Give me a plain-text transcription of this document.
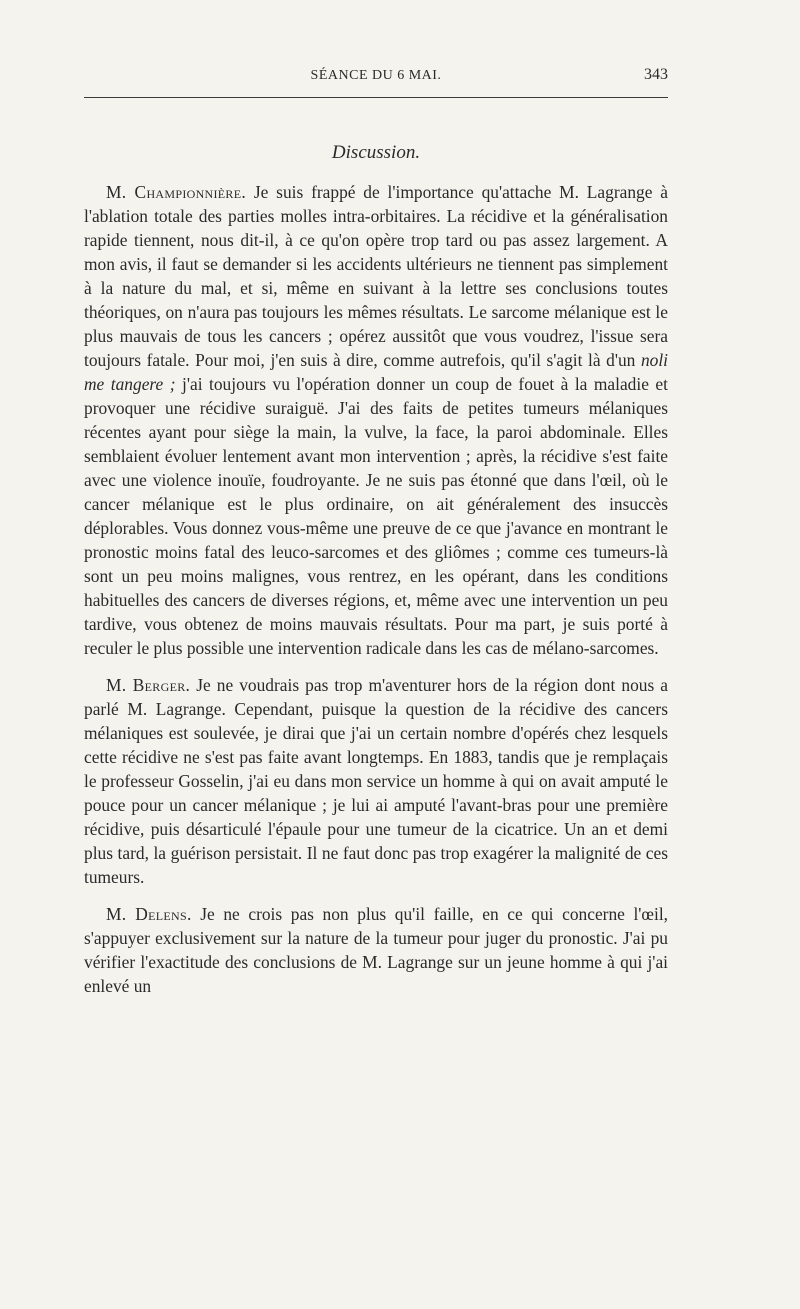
SÉANCE DU 6 MAI.	343
Discussion.

M. Championnière. Je suis frappé de l'importance qu'attache M. Lagrange à l'ablation totale des parties molles intra-orbitaires. La récidive et la généralisation rapide tiennent, nous dit-il, à ce qu'on opère trop tard ou pas assez largement. A mon avis, il faut se demander si les accidents ultérieurs ne tiennent pas simplement à la nature du mal, et si, même en suivant à la lettre ses conclusions toutes théoriques, on n'aura pas toujours les mêmes résultats. Le sarcome mélanique est le plus mauvais de tous les cancers ; opérez aussitôt que vous voudrez, l'issue sera toujours fatale. Pour moi, j'en suis à dire, comme autrefois, qu'il s'agit là d'un noli me tangere ; j'ai toujours vu l'opération donner un coup de fouet à la maladie et provoquer une récidive suraiguë. J'ai des faits de petites tumeurs mélaniques récentes ayant pour siège la main, la vulve, la face, la paroi abdominale. Elles semblaient évoluer lentement avant mon intervention ; après, la récidive s'est faite avec une violence inouïe, foudroyante. Je ne suis pas étonné que dans l'œil, où le cancer mélanique est le plus ordinaire, on ait généralement des insuccès déplorables. Vous donnez vous-même une preuve de ce que j'avance en montrant le pronostic moins fatal des leuco-sarcomes et des gliômes ; comme ces tumeurs-là sont un peu moins malignes, vous rentrez, en les opérant, dans les conditions habituelles des cancers de diverses régions, et, même avec une intervention un peu tardive, vous obtenez de moins mauvais résultats. Pour ma part, je suis porté à reculer le plus possible une intervention radicale dans les cas de mélano-sarcomes.

M. Berger. Je ne voudrais pas trop m'aventurer hors de la région dont nous a parlé M. Lagrange. Cependant, puisque la question de la récidive des cancers mélaniques est soulevée, je dirai que j'ai un certain nombre d'opérés chez lesquels cette récidive ne s'est pas faite avant longtemps. En 1883, tandis que je remplaçais le professeur Gosselin, j'ai eu dans mon service un homme à qui on avait amputé le pouce pour un cancer mélanique ; je lui ai amputé l'avant-bras pour une première récidive, puis désarticulé l'épaule pour une tumeur de la cicatrice. Un an et demi plus tard, la guérison persistait. Il ne faut donc pas trop exagérer la malignité de ces tumeurs.

M. Delens. Je ne crois pas non plus qu'il faille, en ce qui concerne l'œil, s'appuyer exclusivement sur la nature de la tumeur pour juger du pronostic. J'ai pu vérifier l'exactitude des conclusions de M. Lagrange sur un jeune homme à qui j'ai enlevé un
